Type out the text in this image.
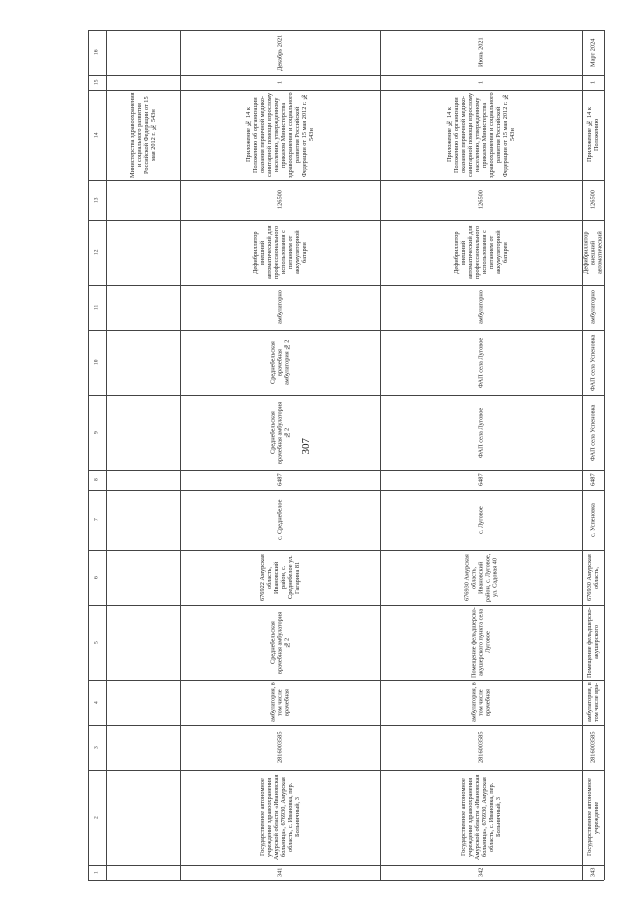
307
1
2
3
4
5
6
7
8
9
10
11
12
13
14
15
16
Министерства здравоохранения и социального развития Российской Федерации от 15 мая 2012 г. № 543н
341
Государственное автономное учреждение здравоохранения Амурской области «Ивановская больница», 676930, Амурская область, с. Ивановка, пер. Больничный, 3
2816003585
амбулатория, в том числе врачебная
Среднебельская врачебная амбулатория №2
676922 Амурская область, Ивановский район, с. Среднебелое ул. Гагарина 81
с. Среднебелое
6487
Среднебельская врачебная амбулатория №2
Среднебельская врачебная амбулатория №2
амбулаторно
Дефибриллятор внешний автоматический для профессионального использования с питанием от аккумуляторной батареи
126500
Приложение № 14 к Положению об организации оказания первичной медико-санитарной помощи взрослому населению, утвержденному приказом Министерства здравоохранения и социального развития Российской Федерации от 15 мая 2012 г. № 543н
1
Декабрь 2021
342
Государственное автономное учреждение здравоохранения Амурской области «Ивановская больница», 676930, Амурская область, с. Ивановка, пер. Больничный, 3
2816003585
амбулатория, в том числе врачебная
Помещение фельдшерско-акушерского пункта села Луговое
676930 Амурская область, Ивановский район, с. Луговое, ул. Садовая 40
с. Луговое
6487
ФАП села Луговое
ФАП села Луговое
амбулаторно
Дефибриллятор внешний автоматический для профессионального использования с питанием от аккумуляторной батареи
126500
Приложение № 14 к Положению об организации оказания первичной медико-санитарной помощи взрослому населению, утвержденному приказом Министерства здравоохранения и социального развития Российской Федерации от 15 мая 2012 г. № 543н
1
Июнь 2021
343
Государственное автономное учреждение
2816003585
амбулатория, в том числе вра-
Помещение фельдшерско-акушерского
676930 Амурская область,
с. Успеновка
6487
ФАП села Успеновка
ФАП села Успеновка
амбулаторно
Дефибриллятор внешний автоматический
126500
Приложение № 14 к Положению
1
Март 2024
